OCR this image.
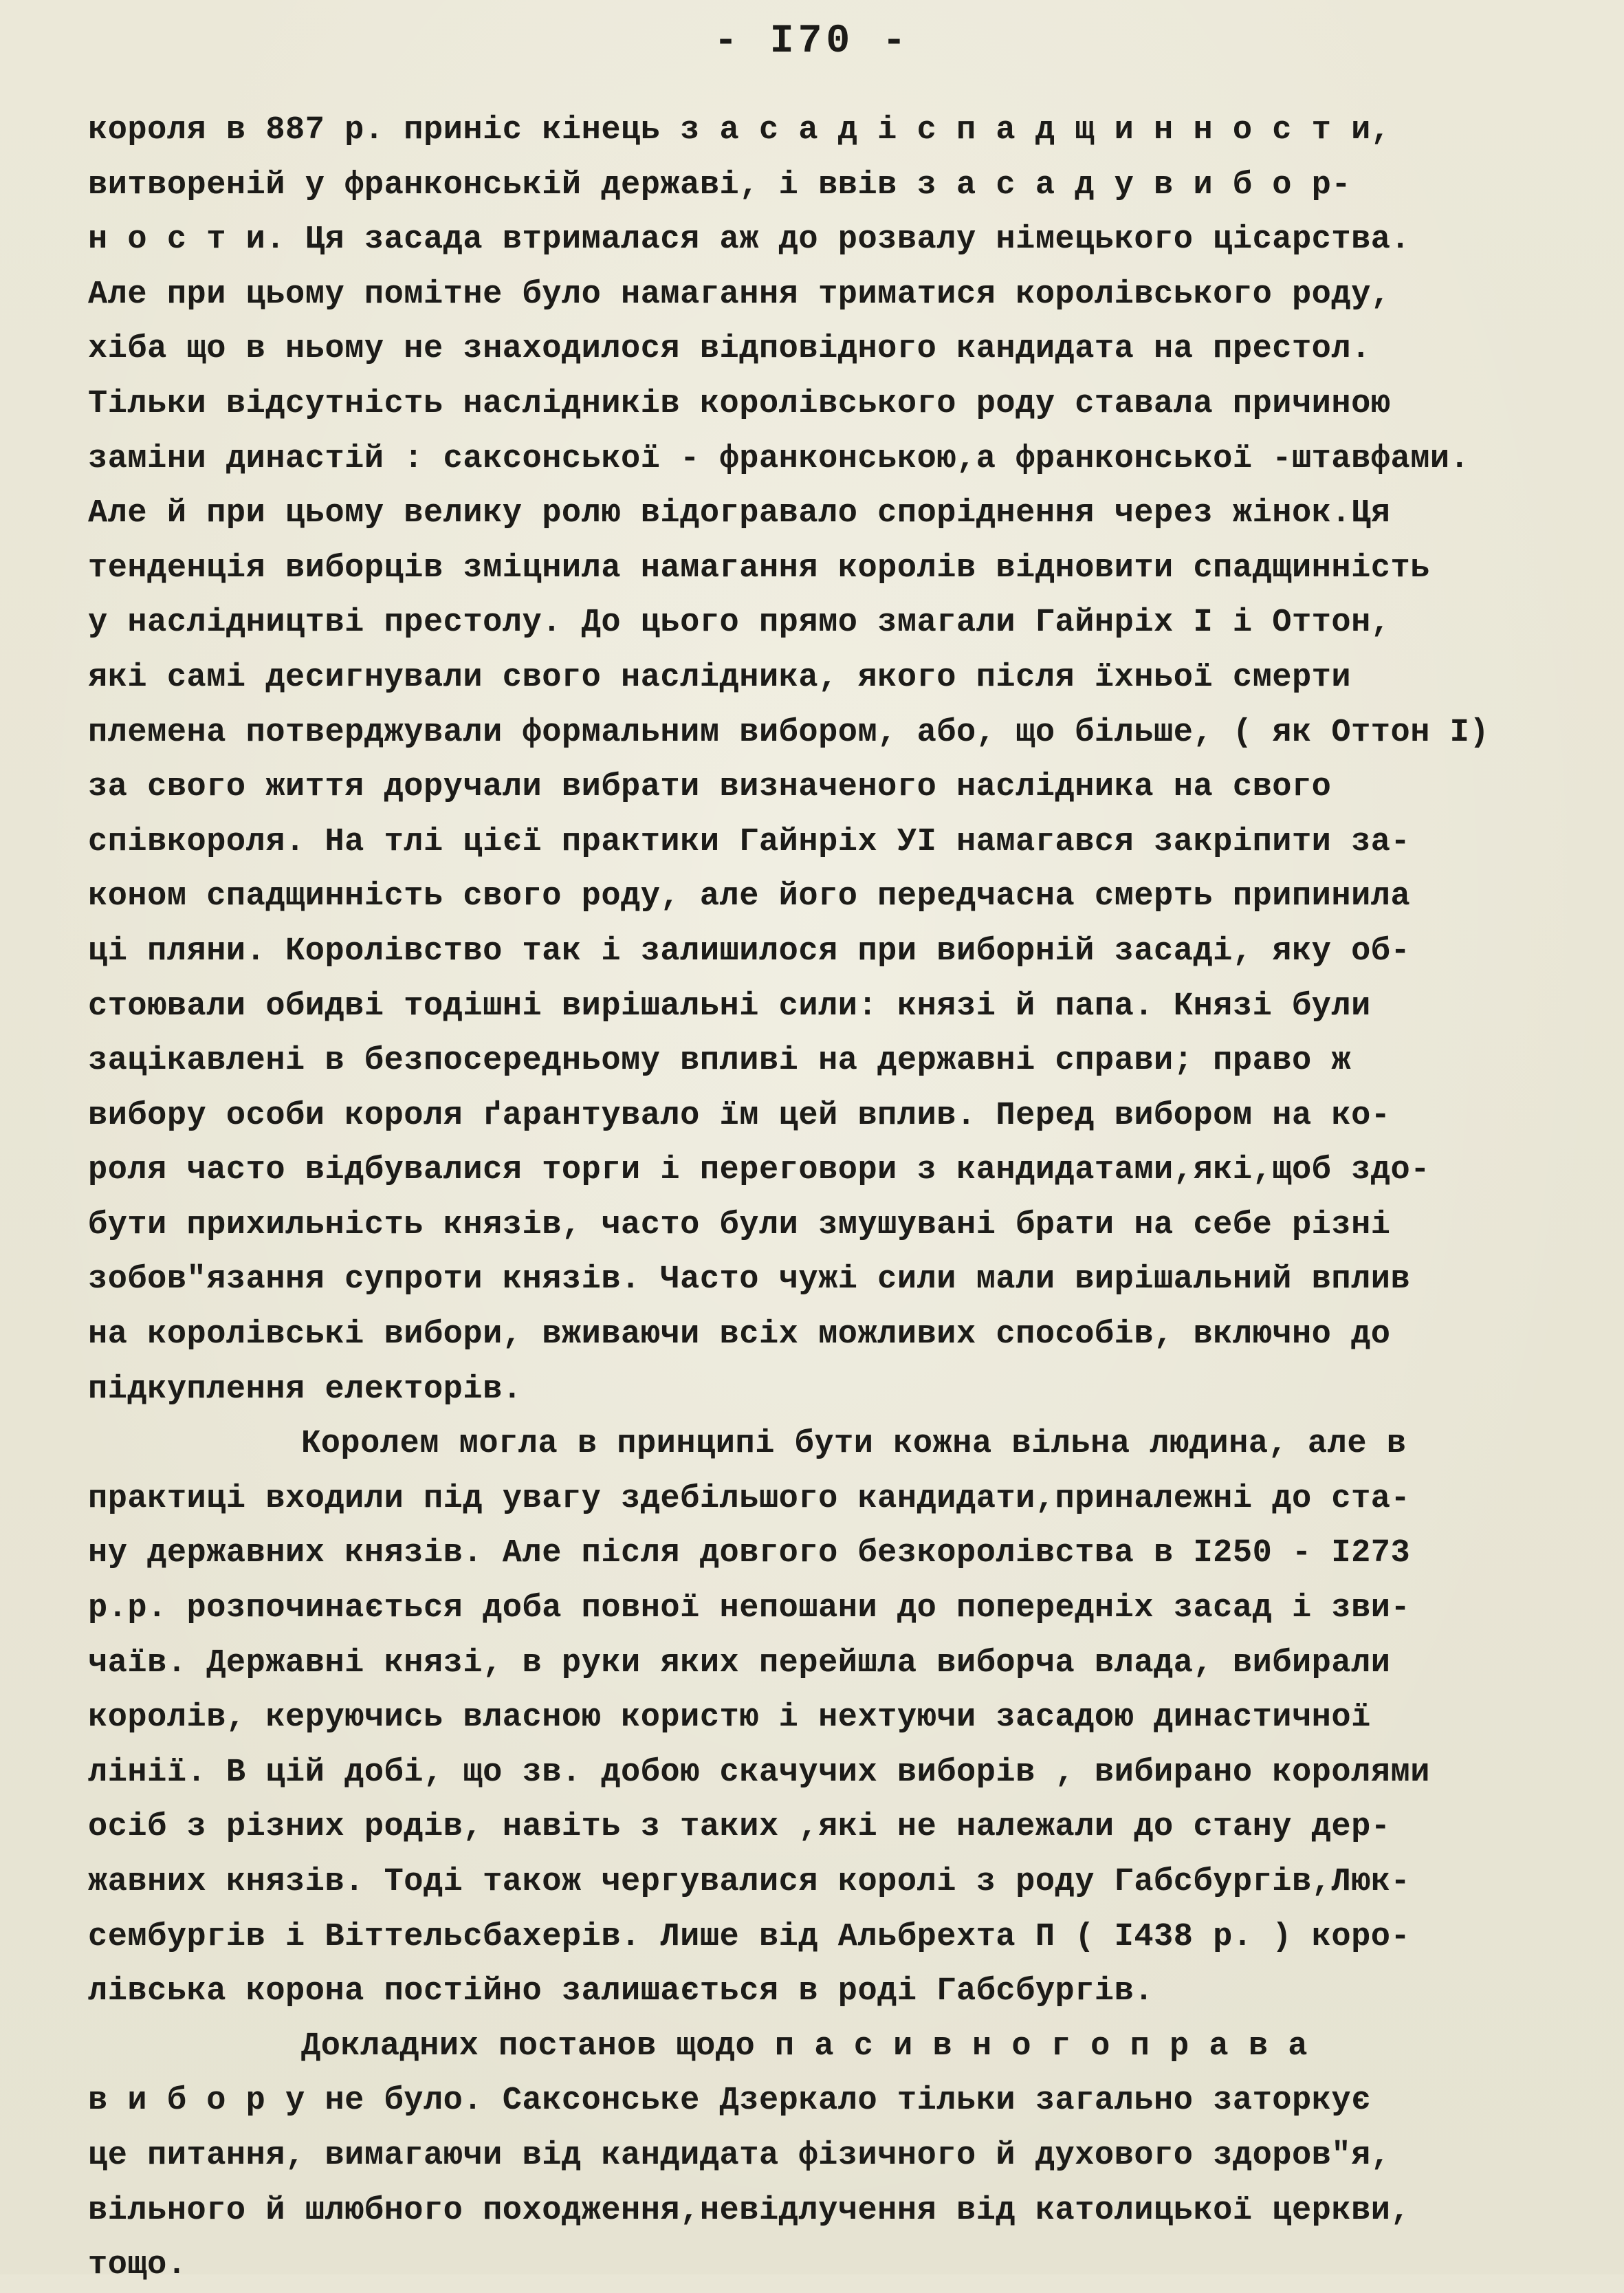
- I70 -
короля в 887 р. приніс кінець з а с а д і с п а д щ и н н о с т и,
витвореній у франконській державі, і ввів з а с а д у в и б о р-
н о с т и. Ця засада втрималася аж до розвалу німецького цісарства.
Але при цьому помітне було намагання триматися королівського роду,
хіба що в ньому не знаходилося відповідного кандидата на престол.
Тільки відсутність наслідників королівського роду ставала причиною
заміни династій : саксонської - франконською,а франконської -штавфами.
Але й при цьому велику ролю відогравало споріднення через жінок.Ця
тенденція виборців зміцнила намагання королів відновити спадщинність
у наслідництві престолу. До цього прямо змагали Гайнріх І і Оттон,
які самі десигнували свого наслідника, якого після їхньої смерти
племена потверджували формальним вибором, або, що більше, ( як Оттон I)
за свого життя доручали вибрати визначеного наслідника на свого
співкороля. На тлі цієї практики Гайнріх УІ намагався закріпити за-
коном спадщинність свого роду, але його передчасна смерть припинила
ці пляни. Королівство так і залишилося при виборній засаді, яку об-
стоювали обидві тодішні вирішальні сили: князі й папа. Князі були
зацікавлені в безпосередньому впливі на державні справи; право ж
вибору особи короля ґарантувало їм цей вплив. Перед вибором на ко-
роля часто відбувалися торги і переговори з кандидатами,які,щоб здо-
бути прихильність князів, часто були змушувані брати на себе різні
зобов"язання супроти князів. Часто чужі сили мали вирішальний вплив
на королівські вибори, вживаючи всіх можливих способів, включно до
підкуплення електорів.
Королем могла в принципі бути кожна вільна людина, але в
практиці входили під увагу здебільшого кандидати,приналежні до ста-
ну державних князів. Але після довгого безкоролівства в I250 - I273
р.р. розпочинається доба повної непошани до попередніх засад і зви-
чаїв. Державні князі, в руки яких перейшла виборча влада, вибирали
королів, керуючись власною користю і нехтуючи засадою династичної
лінії. В цій добі, що зв. добою скачучих виборів , вибирано королями
осіб з різних родів, навіть з таких ,які не належали до стану дер-
жавних князів. Тоді також чергувалися королі з роду Габсбургів,Люк-
сембургів і Віттельсбахерів. Лише від Альбрехта П ( I438 р. ) коро-
лівська корона постійно залишається в роді Габсбургів.
Докладних постанов щодо п а с и в н о г о п р а в а
в и б о р у не було. Саксонське Дзеркало тільки загально заторкує
це питання, вимагаючи від кандидата фізичного й духового здоров"я,
вільного й шлюбного походження,невідлучення від католицької церкви,
тощо.
